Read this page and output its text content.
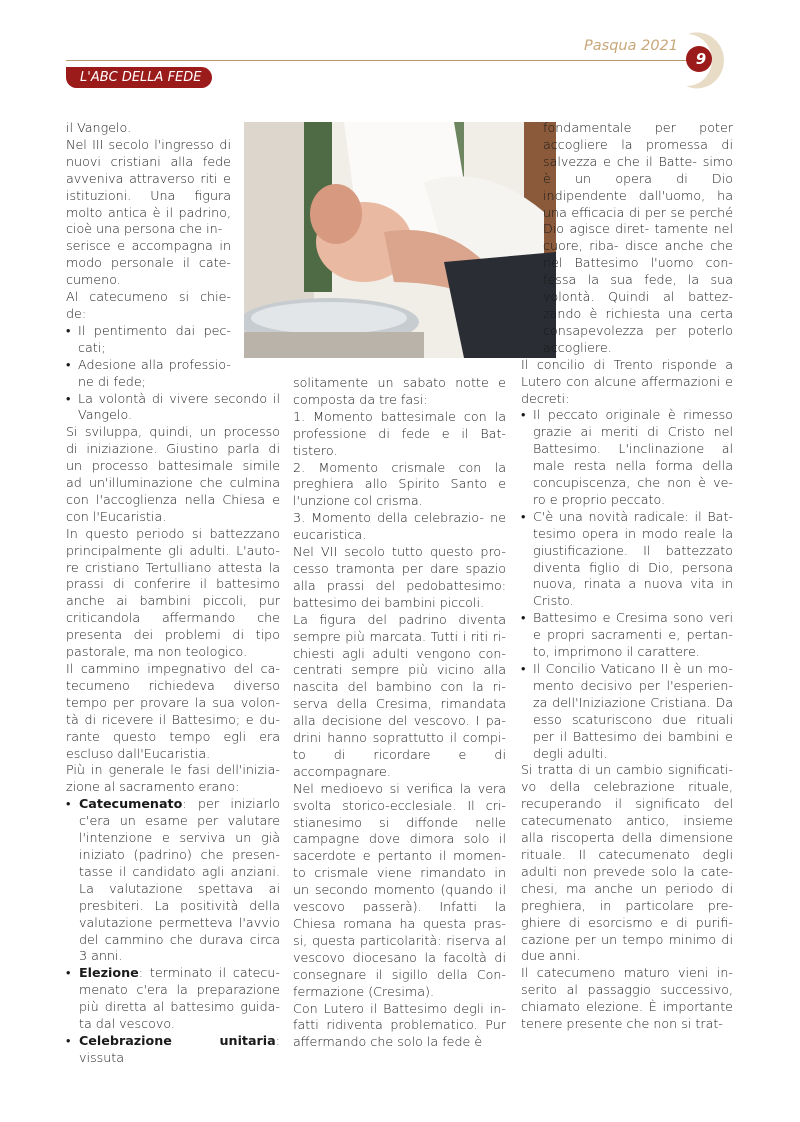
Pasqua 2021
9
L'ABC DELLA FEDE

il Vangelo.

Nel III secolo l'ingresso di nuovi cristiani alla fede avveniva attraverso riti e istituzioni. Una figura molto antica è il padrino, cioè una persona che in-

serisce e accompagna in modo personale il cate- cumeno.

Al catecumeno si chie- de:

• Il pentimento dai pec- cati;
• Adesione alla professio- ne di fede;
• La volontà di vivere secondo il Vangelo.

Si sviluppa, quindi, un processo di iniziazione. Giustino parla di un processo battesimale simile ad un'illuminazione che culmina con l'accoglienza nella Chiesa e con l'Eucaristia.

In questo periodo si battezzano principalmente gli adulti. L'auto- re cristiano Tertulliano attesta la prassi di conferire il battesimo anche ai bambini piccoli, pur criticandola affermando che presenta dei problemi di tipo pastorale, ma non teologico.

Il cammino impegnativo del ca- tecumeno richiedeva diverso tempo per provare la sua volon- tà di ricevere il Battesimo; e du- rante questo tempo egli era escluso dall'Eucaristia.

Più in generale le fasi dell'inizia- zione al sacramento erano:

• Catecumenato: per iniziarlo c'era un esame per valutare l'intenzione e serviva un già iniziato (padrino) che presen- tasse il candidato agli anziani. La valutazione spettava ai presbiteri. La positività della valutazione permetteva l'avvio del cammino che durava circa 3 anni.
• Elezione: terminato il catecu- menato c'era la preparazione più diretta al battesimo guida- ta dal vescovo.
• Celebrazione unitaria: vissuta

solitamente un sabato notte e composta da tre fasi:

1. Momento battesimale con la professione di fede e il Bat- tistero.

2. Momento crismale con la preghiera allo Spirito Santo e l'unzione col crisma.

3. Momento della celebrazio- ne eucaristica.

Nel VII secolo tutto questo pro- cesso tramonta per dare spazio alla prassi del pedobattesimo: battesimo dei bambini piccoli.

La figura del padrino diventa sempre più marcata. Tutti i riti ri- chiesti agli adulti vengono con- centrati sempre più vicino alla nascita del bambino con la ri- serva della Cresima, rimandata alla decisione del vescovo. I pa- drini hanno soprattutto il compi- to di ricordare e di accompagnare.

Nel medioevo si verifica la vera svolta storico-ecclesiale. Il cri- stianesimo si diffonde nelle campagne dove dimora solo il sacerdote e pertanto il momen- to crismale viene rimandato in un secondo momento (quando il vescovo passerà). Infatti la Chiesa romana ha questa pras- si, questa particolarità: riserva al vescovo diocesano la facoltà di consegnare il sigillo della Con- fermazione (Cresima).

Con Lutero il Battesimo degli in- fatti ridiventa problematico. Pur affermando che solo la fede è

fondamentale per poter accogliere la promessa di salvezza e che il Batte- simo è un opera di Dio indipendente dall'uomo, ha una efficacia di per se perché Dio agisce diret- tamente nel cuore, riba- disce anche che nel Battesimo l'uomo con- fessa la sua fede, la sua volontà. Quindi al battez- zando è richiesta una certa consapevolezza per poterlo accogliere.

Il concilio di Trento risponde a Lutero con alcune affermazioni e decreti:

• Il peccato originale è rimesso grazie ai meriti di Cristo nel Battesimo. L'inclinazione al male resta nella forma della concupiscenza, che non è ve- ro e proprio peccato.
• C'è una novità radicale: il Bat- tesimo opera in modo reale la giustificazione. Il battezzato diventa figlio di Dio, persona nuova, rinata a nuova vita in Cristo.
• Battesimo e Cresima sono veri e propri sacramenti e, pertan- to, imprimono il carattere.
• Il Concilio Vaticano II è un mo- mento decisivo per l'esperien- za dell'Iniziazione Cristiana. Da esso scaturiscono due rituali per il Battesimo dei bambini e degli adulti.

Si tratta di un cambio significati- vo della celebrazione rituale, recuperando il significato del catecumenato antico, insieme alla riscoperta della dimensione rituale. Il catecumenato degli adulti non prevede solo la cate- chesi, ma anche un periodo di preghiera, in particolare pre- ghiere di esorcismo e di purifi- cazione per un tempo minimo di due anni.

Il catecumeno maturo vieni in- serito al passaggio successivo, chiamato elezione. È importante tenere presente che non si trat-
